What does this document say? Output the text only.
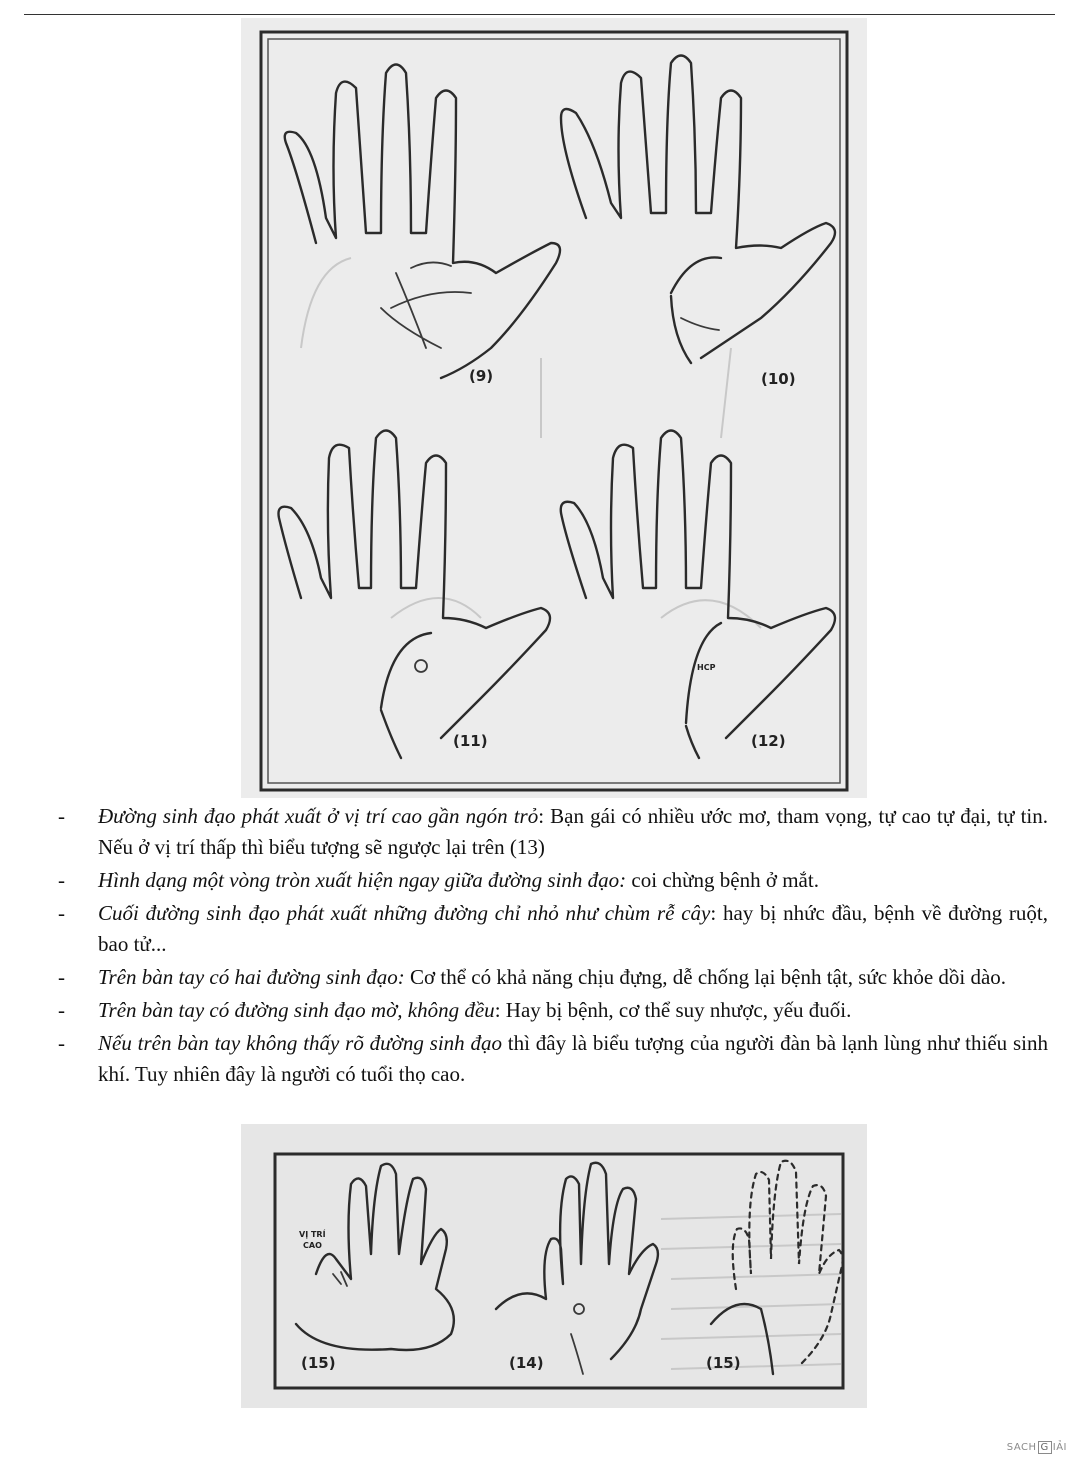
(9)	(10)
(11)
HCP
(12)
- Đường sinh đạo phát xuất ở vị trí cao gần ngón trỏ: Bạn gái có nhiều ước mơ, tham vọng, tự cao tự đại, tự tin. Nếu ở vị trí thấp thì biểu tượng sẽ ngược lại trên (13)
- Hình dạng một vòng tròn xuất hiện ngay giữa đường sinh đạo: coi chừng bệnh ở mắt.
- Cuối đường sinh đạo phát xuất những đường chỉ nhỏ như chùm rễ cây: hay bị nhức đầu, bệnh về đường ruột, bao tử...
- Trên bàn tay có hai đường sinh đạo: Cơ thể có khả năng chịu đựng, dễ chống lại bệnh tật, sức khỏe dồi dào.
- Trên bàn tay có đường sinh đạo mờ, không đều: Hay bị bệnh, cơ thể suy nhược, yếu đuối.
- Nếu trên bàn tay không thấy rõ đường sinh đạo thì đây là biểu tượng của người đàn bà lạnh lùng như thiếu sinh khí. Tuy nhiên đây là người có tuổi thọ cao.
VỊ TRÍ
CAO
(15)	(14)	(15)
SACH G IẢI
